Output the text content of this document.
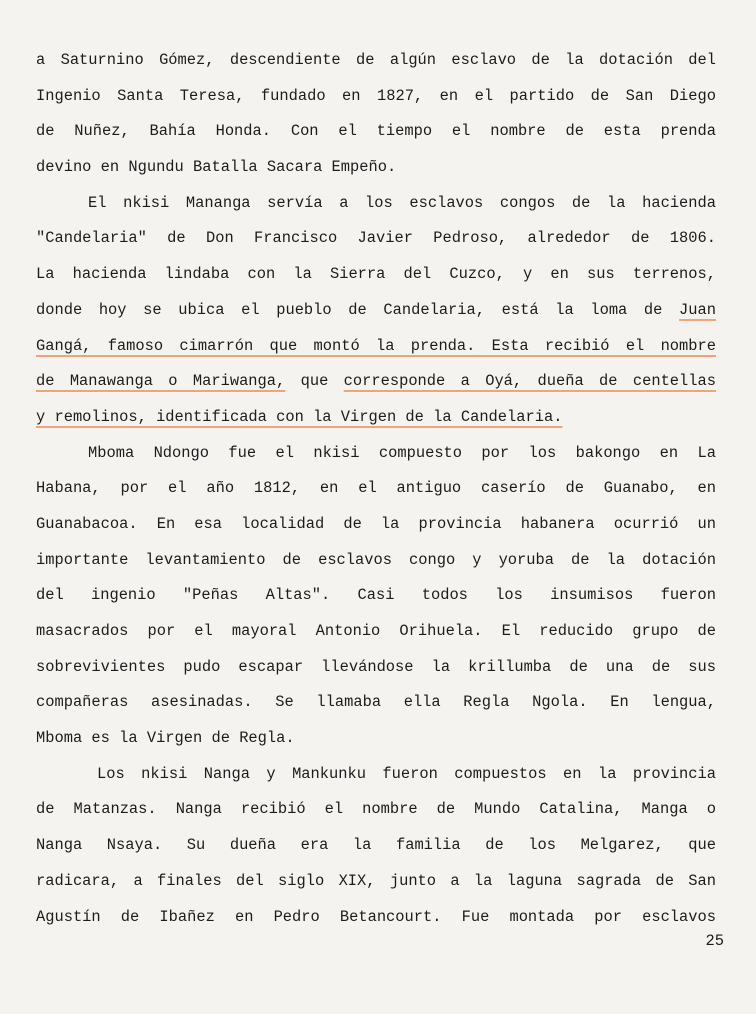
a Saturnino Gómez, descendiente de algún esclavo de la dotación del
Ingenio Santa Teresa, fundado en 1827, en el partido de San Diego
de Nuñez, Bahía Honda. Con el tiempo el nombre de esta prenda
devino en Ngundu Batalla Sacara Empeño.
El nkisi Mananga servía a los esclavos congos de la hacienda
"Candelaria" de Don Francisco Javier Pedroso, alrededor de 1806.
La hacienda lindaba con la Sierra del Cuzco, y en sus terrenos,
donde hoy se ubica el pueblo de Candelaria, está la loma de Juan
Gangá, famoso cimarrón que montó la prenda. Esta recibió el nombre
de Manawanga o Mariwanga, que corresponde a Oyá, dueña de centellas
y remolinos, identificada con la Virgen de la Candelaria.
Mboma Ndongo fue el nkisi compuesto por los bakongo en La
Habana, por el año 1812, en el antiguo caserío de Guanabo, en
Guanabacoa. En esa localidad de la provincia habanera ocurrió un
importante levantamiento de esclavos congo y yoruba de la dotación
del ingenio "Peñas Altas". Casi todos los insumisos fueron
masacrados por el mayoral Antonio Orihuela. El reducido grupo de
sobrevivientes pudo escapar llevándose la krillumba de una de sus
compañeras asesinadas. Se llamaba ella Regla Ngola. En lengua,
Mboma es la Virgen de Regla.
Los nkisi Nanga y Mankunku fueron compuestos en la provincia
de Matanzas. Nanga recibió el nombre de Mundo Catalina, Manga o
Nanga Nsaya. Su dueña era la familia de los Melgarez, que
radicara, a finales del siglo XIX, junto a la laguna sagrada de San
Agustín de Ibañez en Pedro Betancourt. Fue montada por esclavos
25
